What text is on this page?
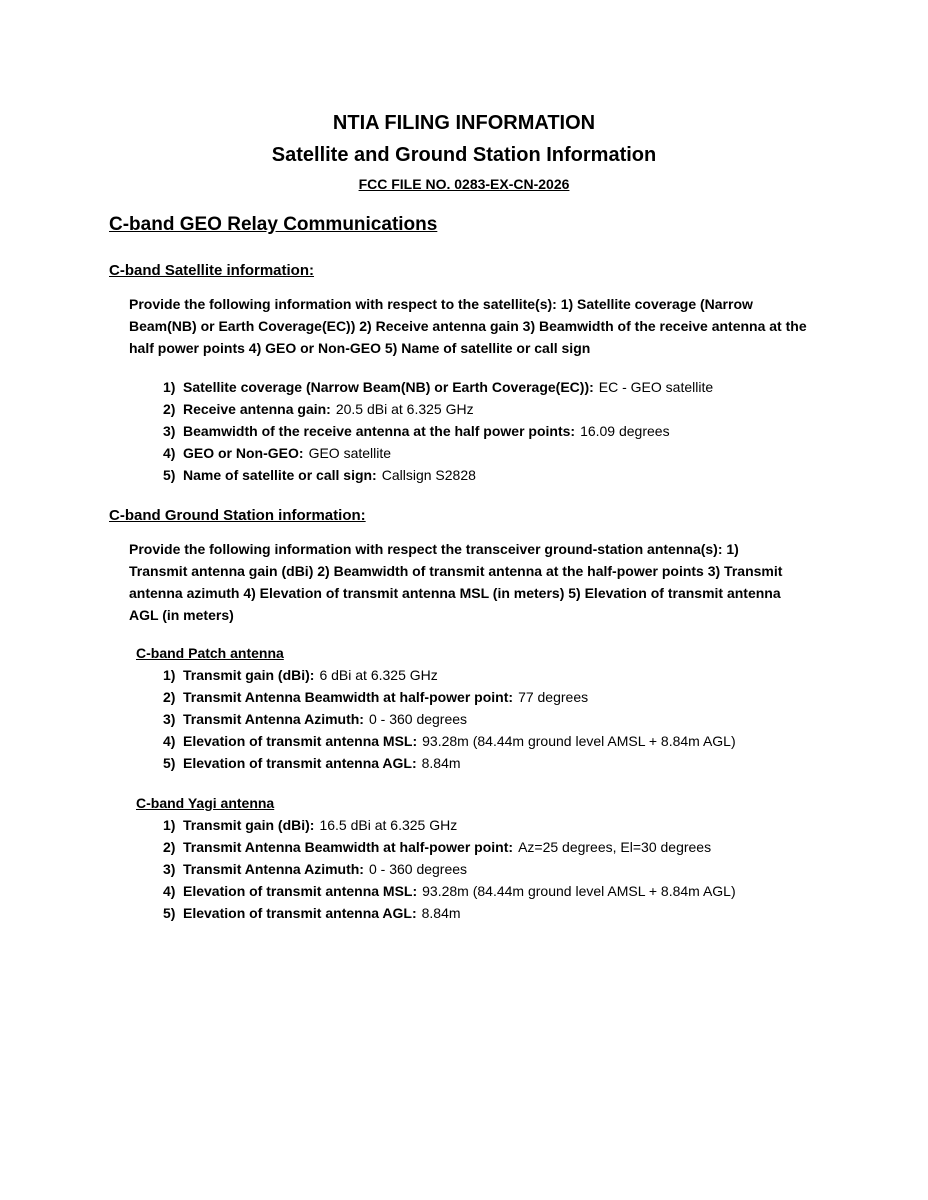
NTIA FILING INFORMATION
Satellite and Ground Station Information
FCC FILE NO. 0283-EX-CN-2026
C-band GEO Relay Communications
C-band Satellite information:

Provide the following information with respect to the satellite(s): 1) Satellite coverage (Narrow Beam(NB) or Earth Coverage(EC)) 2) Receive antenna gain 3) Beamwidth of the receive antenna at the half power points 4) GEO or Non-GEO 5) Name of satellite or call sign

1) Satellite coverage (Narrow Beam(NB) or Earth Coverage(EC)): EC - GEO satellite
2) Receive antenna gain: 20.5 dBi at 6.325 GHz
3) Beamwidth of the receive antenna at the half power points: 16.09 degrees
4) GEO or Non-GEO: GEO satellite
5) Name of satellite or call sign: Callsign S2828
C-band Ground Station information:

Provide the following information with respect the transceiver ground-station antenna(s): 1) Transmit antenna gain (dBi) 2) Beamwidth of transmit antenna at the half-power points 3) Transmit antenna azimuth 4) Elevation of transmit antenna MSL (in meters) 5) Elevation of transmit antenna AGL (in meters)

C-band Patch antenna
1) Transmit gain (dBi): 6 dBi at 6.325 GHz
2) Transmit Antenna Beamwidth at half-power point: 77 degrees
3) Transmit Antenna Azimuth: 0 - 360 degrees
4) Elevation of transmit antenna MSL: 93.28m (84.44m ground level AMSL + 8.84m AGL)
5) Elevation of transmit antenna AGL: 8.84m
C-band Yagi antenna
1) Transmit gain (dBi): 16.5 dBi at 6.325 GHz
2) Transmit Antenna Beamwidth at half-power point: Az=25 degrees, El=30 degrees
3) Transmit Antenna Azimuth: 0 - 360 degrees
4) Elevation of transmit antenna MSL: 93.28m (84.44m ground level AMSL + 8.84m AGL)
5) Elevation of transmit antenna AGL: 8.84m
